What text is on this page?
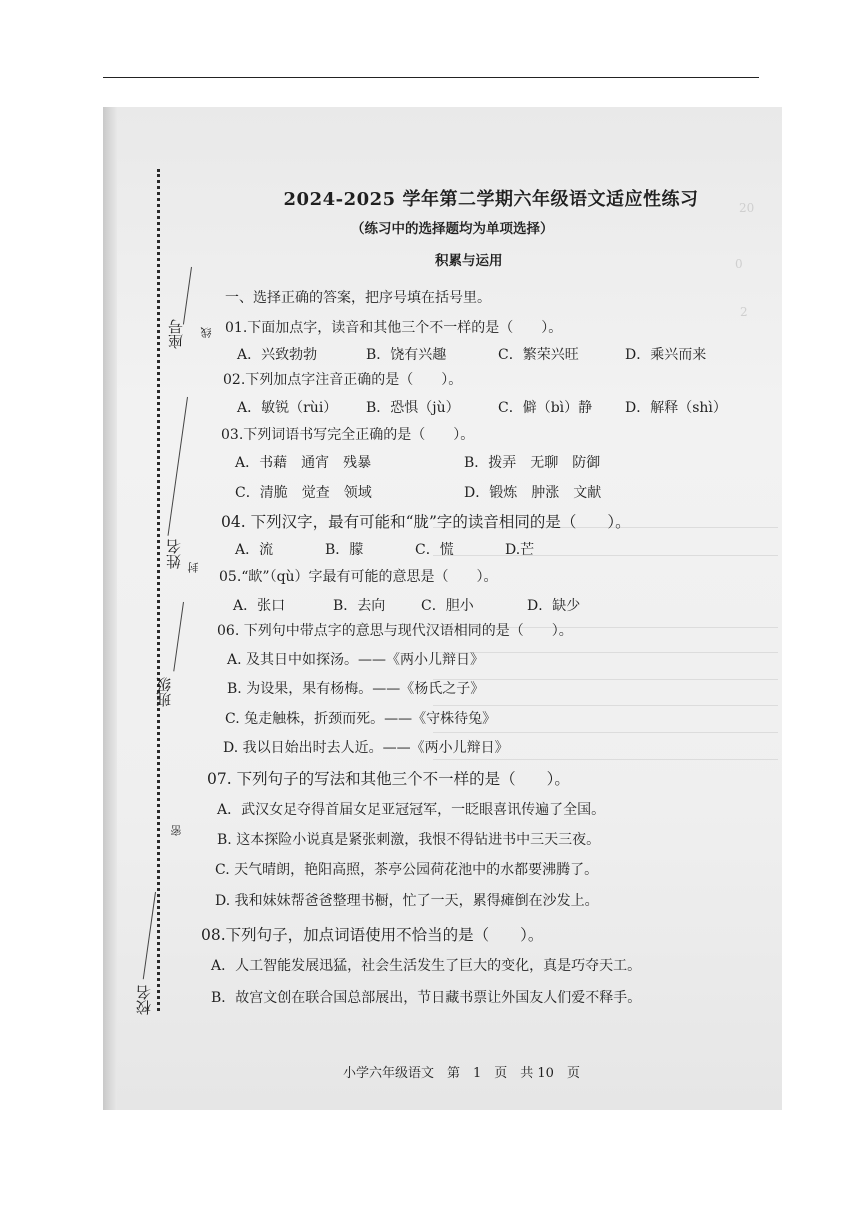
20
0
2
座号 线
姓名 封
班级
密
校名
2024-2025 学年第二学期六年级语文适应性练习
（练习中的选择题均为单项选择）
积累与运用
一、选择正确的答案，把序号填在括号里。
01.下面加点字，读音和其他三个不一样的是（　　）。
A．兴致勃勃	B．饶有兴趣	C．繁荣兴旺	D．乘兴而来
02.下列加点字注音正确的是（　　）。
A．敏锐（rùi） B．恐惧（jù）	C．僻（bì）静 D．解释（shì）
03.下列词语书写完全正确的是（　　）。
A．书藉　通宵　残暴	B．拨弄　无聊　防御
C．清脆　觉查　领域	D．锻炼　肿涨　文献
04. 下列汉字，最有可能和“胧”字的读音相同的是（　　）。
A．流	B．朦	C．慌	D.芒
05.“欪”（qù）字最有可能的意思是（　　）。
A．张口	B．去向	C．胆小	D．缺少
06. 下列句中带点字的意思与现代汉语相同的是（　　）。
A. 及其日中如探汤。——《两小儿辩日》
B. 为设果，果有杨梅。——《杨氏之子》
C. 兔走触株，折颈而死。——《守株待兔》
D. 我以日始出时去人近。——《两小儿辩日》
07. 下列句子的写法和其他三个不一样的是（　　）。
A．武汉女足夺得首届女足亚冠冠军，一眨眼喜讯传遍了全国。
B. 这本探险小说真是紧张刺激，我恨不得钻进书中三天三夜。
C. 天气晴朗，艳阳高照，茶亭公园荷花池中的水都要沸腾了。
D. 我和妹妹帮爸爸整理书橱，忙了一天，累得瘫倒在沙发上。
08.下列句子，加点词语使用不恰当的是（　　）。
A．人工智能发展迅猛，社会生活发生了巨大的变化，真是巧夺天工。
B．故宫文创在联合国总部展出，节日藏书票让外国友人们爱不释手。
小学六年级语文　第　1　页　共 10　页
